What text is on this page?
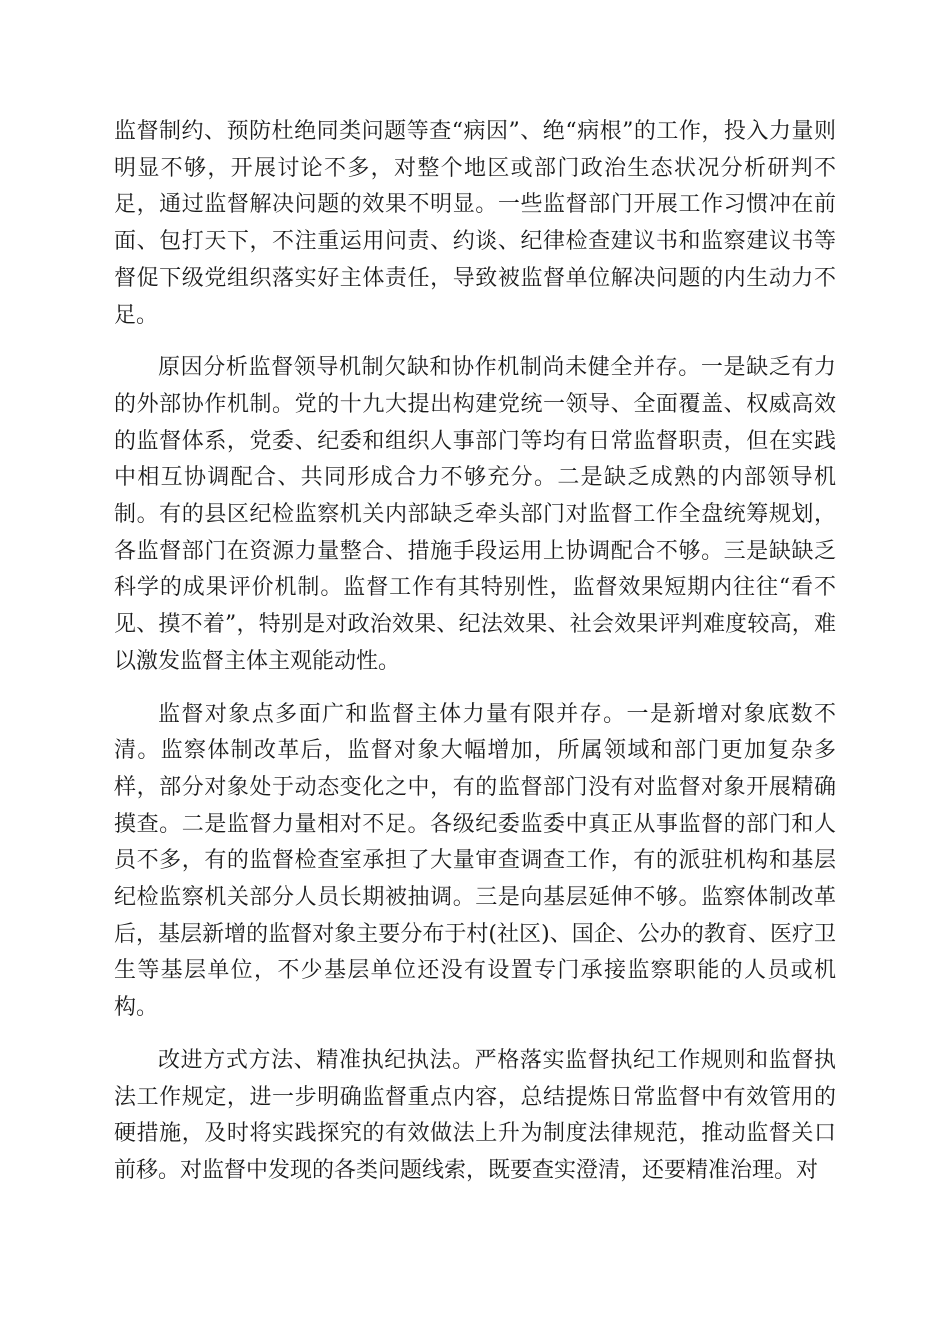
监督制约、预防杜绝同类问题等查“病因”、绝“病根”的工作，投入力量则明显不够，开展讨论不多，对整个地区或部门政治生态状况分析研判不足，通过监督解决问题的效果不明显。一些监督部门开展工作习惯冲在前面、包打天下，不注重运用问责、约谈、纪律检查建议书和监察建议书等督促下级党组织落实好主体责任，导致被监督单位解决问题的内生动力不足。

原因分析监督领导机制欠缺和协作机制尚未健全并存。一是缺乏有力的外部协作机制。党的十九大提出构建党统一领导、全面覆盖、权威高效的监督体系，党委、纪委和组织人事部门等均有日常监督职责，但在实践中相互协调配合、共同形成合力不够充分。二是缺乏成熟的内部领导机制。有的县区纪检监察机关内部缺乏牵头部门对监督工作全盘统筹规划，各监督部门在资源力量整合、措施手段运用上协调配合不够。三是缺缺乏科学的成果评价机制。监督工作有其特别性，监督效果短期内往往“看不见、摸不着”，特别是对政治效果、纪法效果、社会效果评判难度较高，难以激发监督主体主观能动性。

监督对象点多面广和监督主体力量有限并存。一是新增对象底数不清。监察体制改革后，监督对象大幅增加，所属领域和部门更加复杂多样，部分对象处于动态变化之中，有的监督部门没有对监督对象开展精确摸查。二是监督力量相对不足。各级纪委监委中真正从事监督的部门和人员不多，有的监督检查室承担了大量审查调查工作，有的派驻机构和基层纪检监察机关部分人员长期被抽调。三是向基层延伸不够。监察体制改革后，基层新增的监督对象主要分布于村(社区)、国企、公办的教育、医疗卫生等基层单位，不少基层单位还没有设置专门承接监察职能的人员或机构。

改进方式方法、精准执纪执法。严格落实监督执纪工作规则和监督执法工作规定，进一步明确监督重点内容，总结提炼日常监督中有效管用的硬措施，及时将实践探究的有效做法上升为制度法律规范，推动监督关口前移。对监督中发现的各类问题线索，既要查实澄清，还要精准治理。对
